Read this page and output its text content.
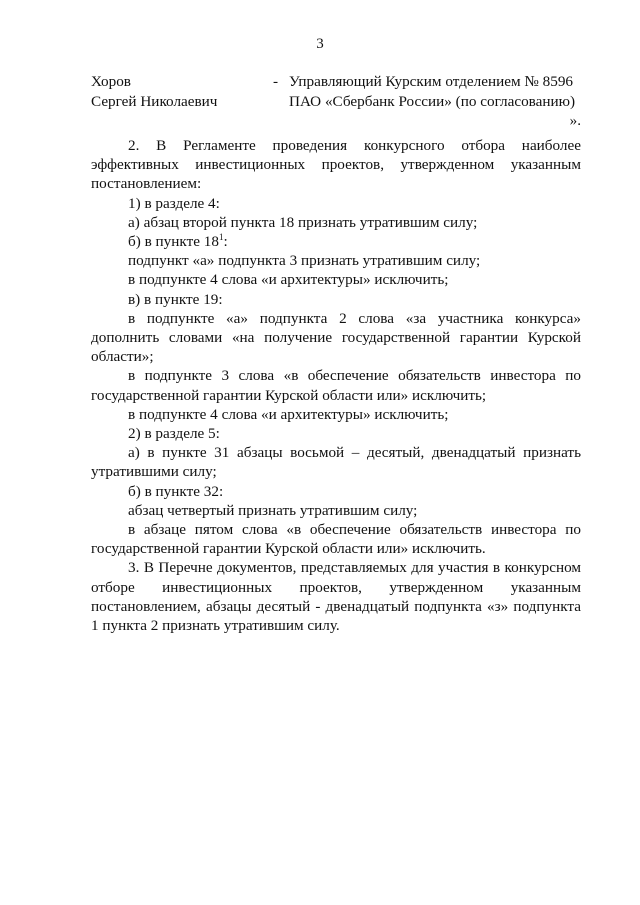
3
Хоров	- Управляющий Курским отделением № 8596
Сергей Николаевич	ПАО «Сбербанк России» (по согласованию)
».

2. В Регламенте проведения конкурсного отбора наиболее эффективных инвестиционных проектов, утвержденном указанным постановлением:

1) в разделе 4:

а) абзац второй пункта 18 признать утратившим силу;

б) в пункте $18^1$:

подпункт «а» подпункта 3 признать утратившим силу;

в подпункте 4 слова «и архитектуры» исключить;

в) в пункте 19:

в подпункте «а» подпункта 2 слова «за участника конкурса» дополнить словами «на получение государственной гарантии Курской области»;

в подпункте 3 слова «в обеспечение обязательств инвестора по государственной гарантии Курской области или» исключить;

в подпункте 4 слова «и архитектуры» исключить;

2) в разделе 5:

а) в пункте 31 абзацы восьмой – десятый, двенадцатый признать утратившими силу;

б) в пункте 32:

абзац четвертый признать утратившим силу;

в абзаце пятом слова «в обеспечение обязательств инвестора по государственной гарантии Курской области или» исключить.

3. В Перечне документов, представляемых для участия в конкурсном отборе инвестиционных проектов, утвержденном указанным постановлением, абзацы десятый - двенадцатый подпункта «з» подпункта 1 пункта 2 признать утратившим силу.
